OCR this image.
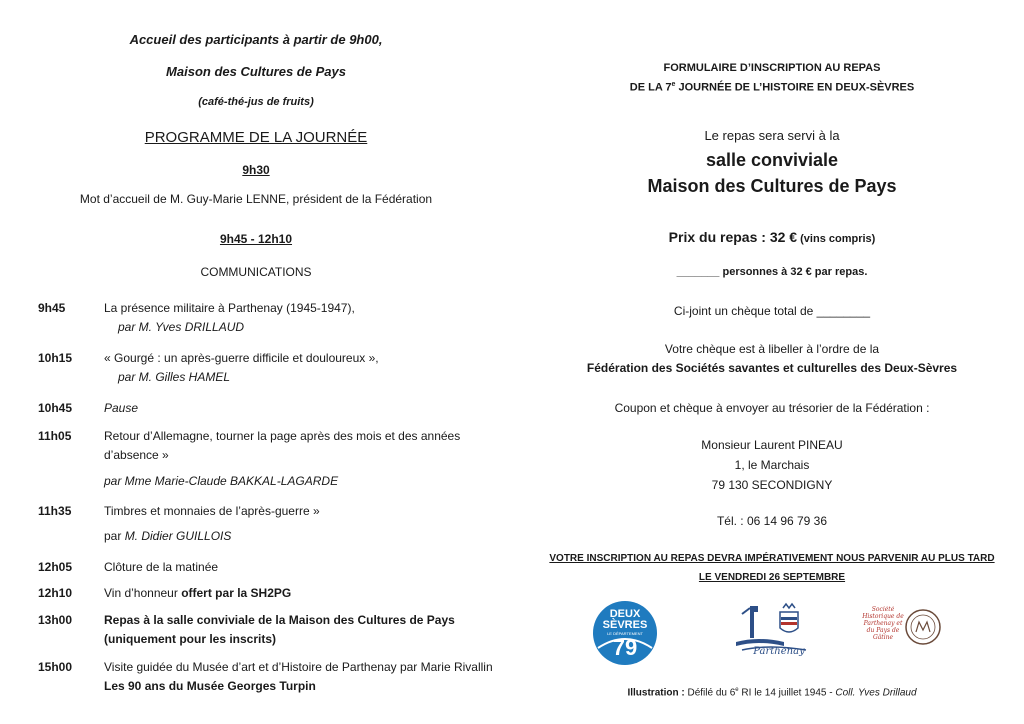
Accueil des participants à partir de 9h00,
Maison des Cultures de Pays
(café-thé-jus de fruits)
PROGRAMME DE LA JOURNÉE
9h30
Mot d’accueil de M. Guy-Marie LENNE, président de la Fédération
9h45 - 12h10
COMMUNICATIONS
9h45	La présence militaire à Parthenay (1945-1947),
par M. Yves DRILLAUD
10h15	« Gourgé : un après-guerre difficile et douloureux »,
par M. Gilles HAMEL
10h45	Pause
11h05	Retour d’Allemagne, tourner la page après des mois et des années
d’absence »
par Mme Marie-Claude BAKKAL-LAGARDE
11h35	Timbres et monnaies de l’après-guerre »
par M. Didier GUILLOIS
12h05	Clôture de la matinée
12h10	Vin d’honneur offert par la SH2PG
13h00	Repas à la salle conviviale de la Maison des Cultures de Pays
(uniquement pour les inscrits)
15h00	Visite guidée du Musée d’art et d’Histoire de Parthenay par Marie Rivallin
Les 90 ans du Musée Georges Turpin
FORMULAIRE D’INSCRIPTION AU REPAS
DE LA 7e JOURNÉE DE L’HISTOIRE EN DEUX-SÈVRES
Le repas sera servi à la
salle conviviale
Maison des Cultures de Pays
Prix du repas : 32 € (vins compris)
_______ personnes à 32 € par repas.
Ci-joint un chèque total de ________
Votre chèque est à libeller à l’ordre de la
Fédération des Sociétés savantes et culturelles des Deux-Sèvres
Coupon et chèque à envoyer au trésorier de la Fédération :
Monsieur Laurent PINEAU
1, le Marchais
79 130 SECONDIGNY
Tél. : 06 14 96 79 36
VOTRE INSCRIPTION AU REPAS DEVRA IMPÉRATIVEMENT NOUS PARVENIR AU PLUS TARD
LE VENDREDI 26 SEPTEMBRE
DEUX
SÈVRES
LE DÉPARTEMENT
79	Parthenay
Société Historique de Parthenay et du Pays de Gâtine
Illustration : Défilé du 6e RI le 14 juillet 1945 - Coll. Yves Drillaud
